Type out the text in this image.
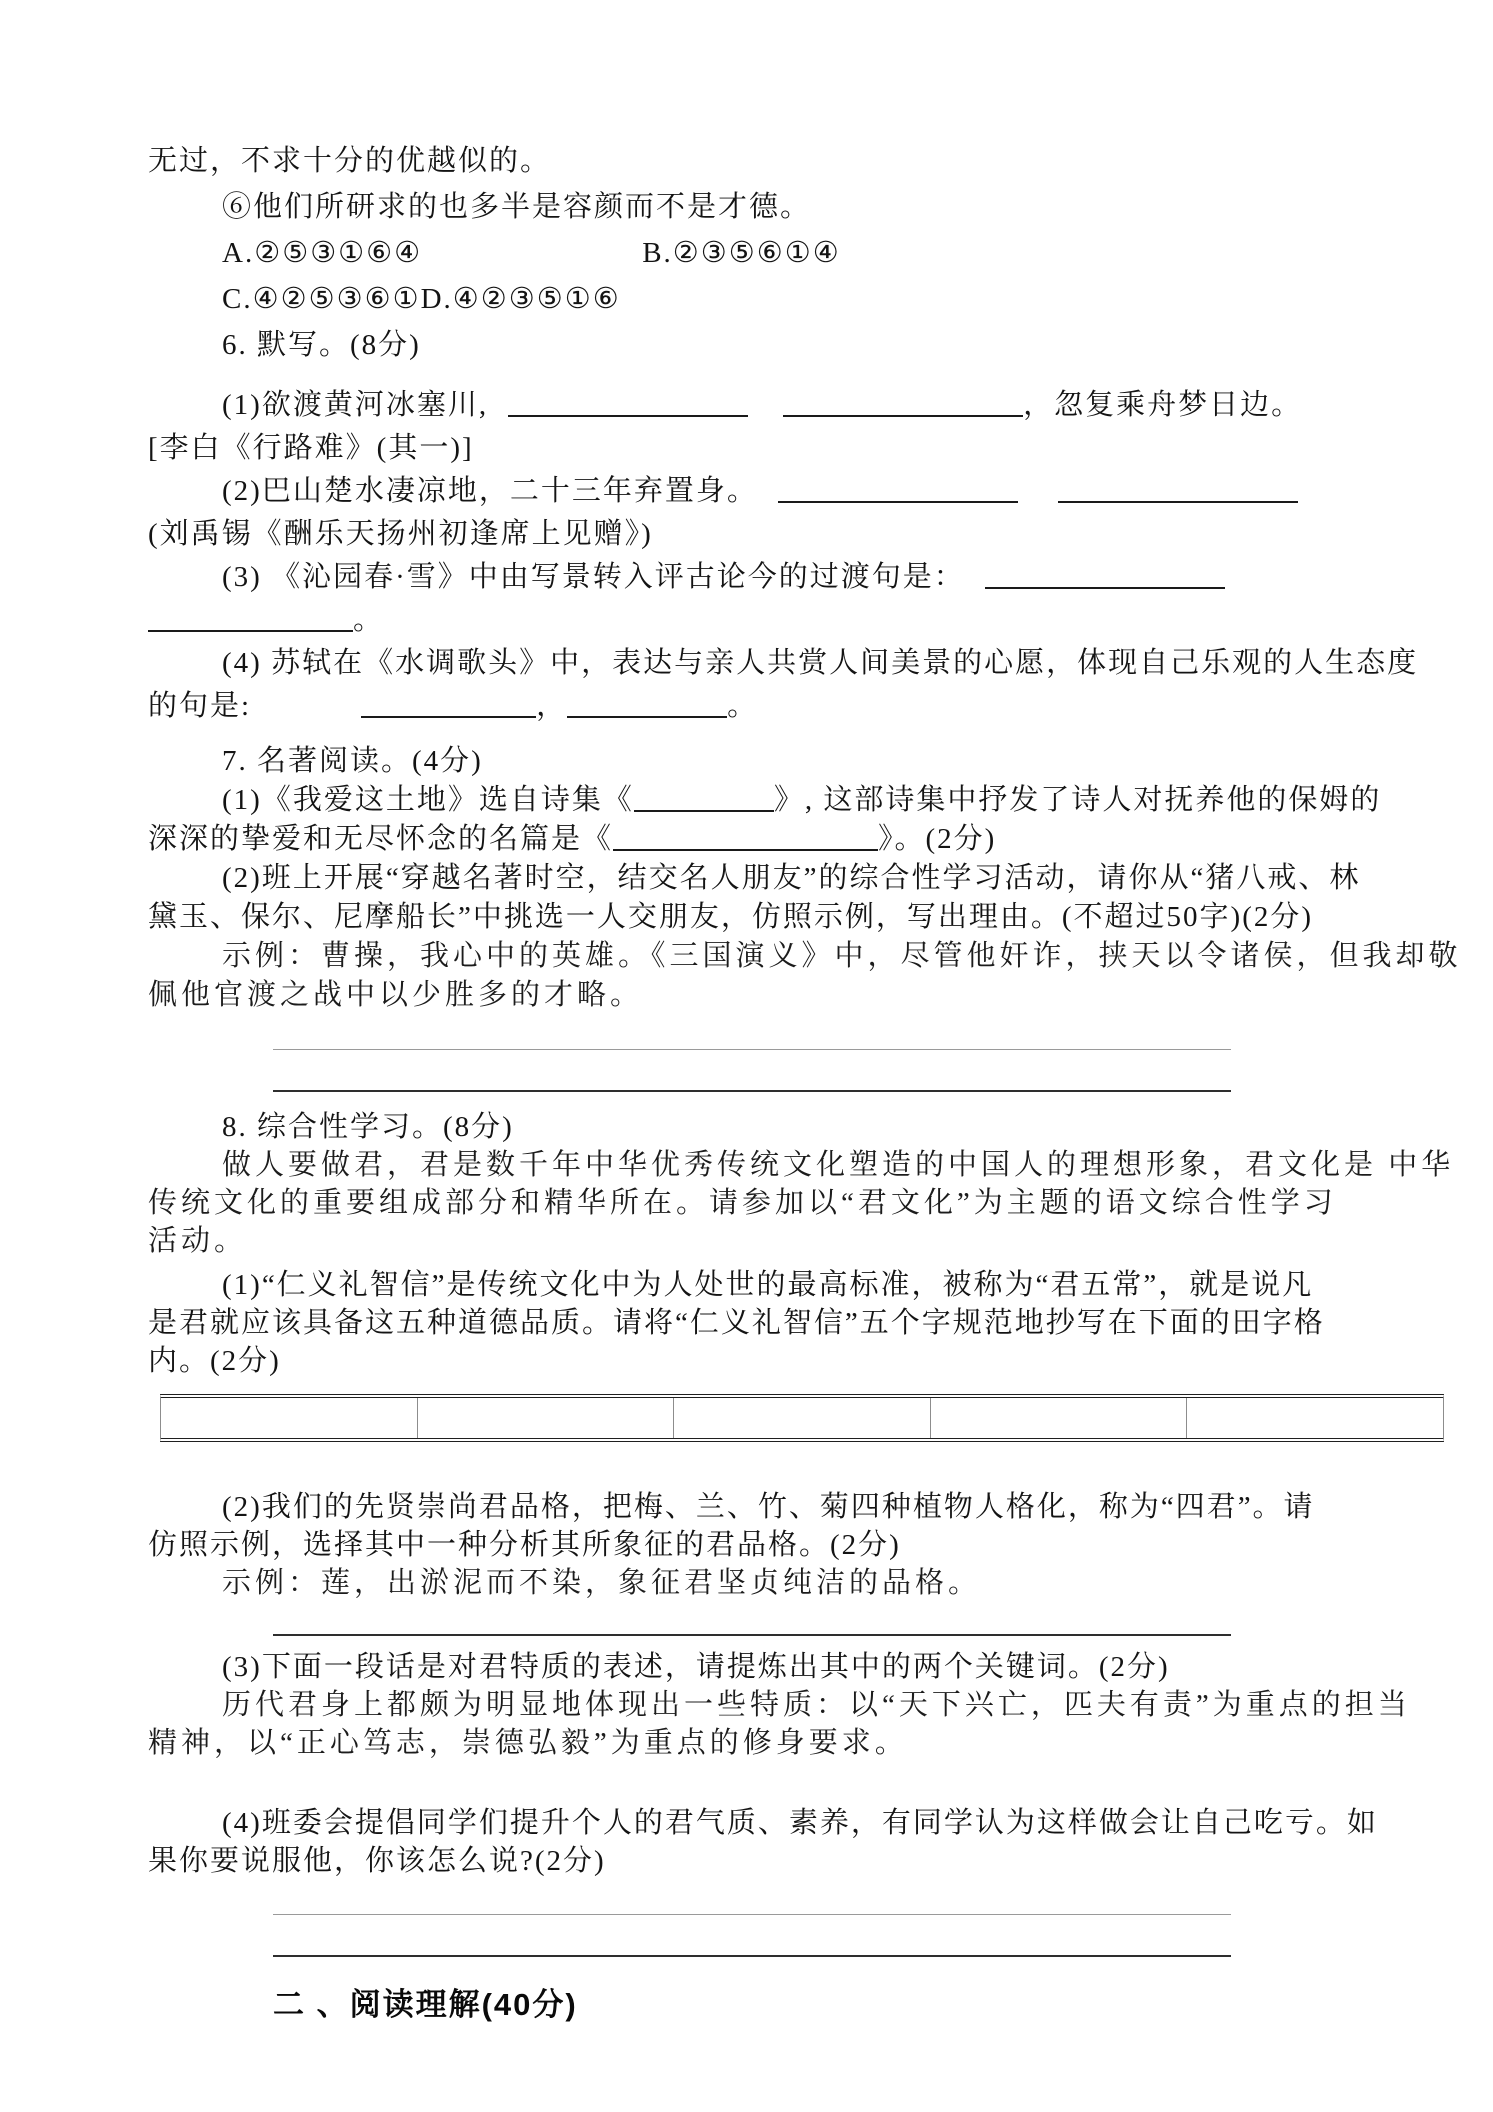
无过，不求十分的优越似的。
⑥他们所研求的也多半是容颜而不是才德。
A.②⑤③①⑥④	B.②③⑤⑥①④
C.④②⑤③⑥①D.④②③⑤①⑥
6. 默写。(8分)
(1)欲渡黄河冰塞川,	，忽复乘舟梦日边。
[李白《行路难》(其一)]
(2)巴山楚水凄凉地，二十三年弃置身。
(刘禹锡《酬乐天扬州初逢席上见赠》)
(3) 《沁园春·雪》中由写景转入评古论今的过渡句是：
。
(4) 苏轼在《水调歌头》中，表达与亲人共赏人间美景的心愿，体现自己乐观的人生态度
的句是:	，	。
7. 名著阅读。(4分)
(1)《我爱这土地》选自诗集《	》, 这部诗集中抒发了诗人对抚养他的保姆的
深深的挚爱和无尽怀念的名篇是《	》。(2分)
(2)班上开展“穿越名著时空，结交名人朋友”的综合性学习活动，请你从“猪八戒、林
黛玉、保尔、尼摩船长”中挑选一人交朋友，仿照示例，写出理由。(不超过50字)(2分)
示例：曹操，我心中的英雄。《三国演义》中，尽管他奸诈，挟天以令诸侯，但我却敬
佩他官渡之战中以少胜多的才略。
8. 综合性学习。(8分)
做人要做君，君是数千年中华优秀传统文化塑造的中国人的理想形象，君文化是 中华
传统文化的重要组成部分和精华所在。请参加以“君文化”为主题的语文综合性学习
活动。
(1)“仁义礼智信”是传统文化中为人处世的最高标准，被称为“君五常”，就是说凡
是君就应该具备这五种道德品质。请将“仁义礼智信”五个字规范地抄写在下面的田字格
内。(2分)
(2)我们的先贤崇尚君品格，把梅、兰、竹、菊四种植物人格化，称为“四君”。请
仿照示例，选择其中一种分析其所象征的君品格。(2分)
示例：莲，出淤泥而不染，象征君坚贞纯洁的品格。
(3)下面一段话是对君特质的表述，请提炼出其中的两个关键词。(2分)
历代君身上都颇为明显地体现出一些特质：以“天下兴亡，匹夫有责”为重点的担当
精神，以“正心笃志，崇德弘毅”为重点的修身要求。
(4)班委会提倡同学们提升个人的君气质、素养，有同学认为这样做会让自己吃亏。如
果你要说服他，你该怎么说?(2分)
二 、阅读理解(40分)
